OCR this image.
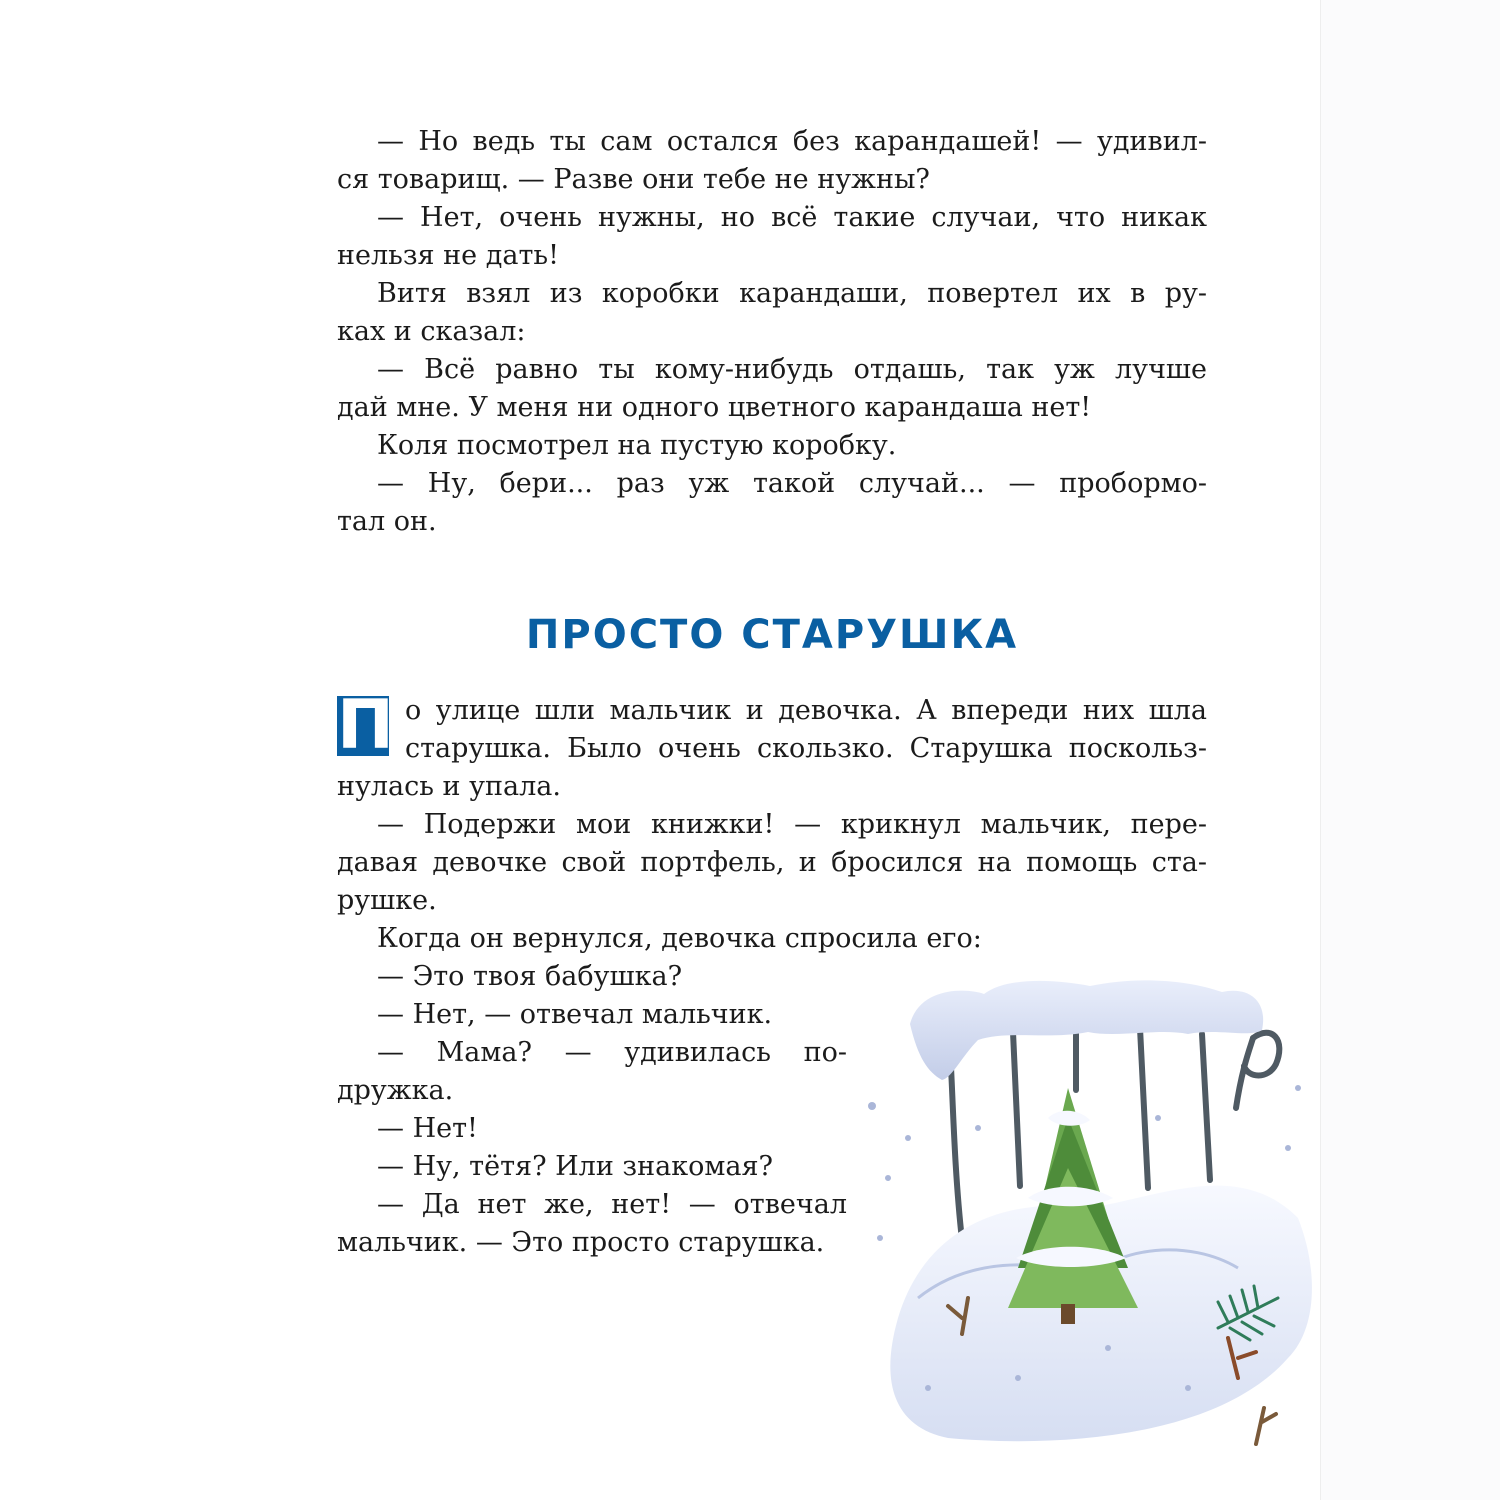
— Но ведь ты сам остался без карандашей! — удивил-

ся товарищ. — Разве они тебе не нужны?

— Нет, очень нужны, но всё такие случаи, что никак

нельзя не дать!

Витя взял из коробки карандаши, повертел их в ру-

ках и сказал:

— Всё равно ты кому-нибудь отдашь, так уж лучше

дай мне. У меня ни одного цветного карандаша нет!

Коля посмотрел на пустую коробку.

— Ну, бери... раз уж такой случай... — пробормо-

тал он.

ПРОСТО СТАРУШКА
П о улице шли мальчик и девочка. А впереди них шла

старушка. Было очень скользко. Старушка поскольз-

нулась и упала.

— Подержи мои книжки! — крикнул мальчик, пере-

давая девочке свой портфель, и бросился на помощь ста-

рушке.

Когда он вернулся, девочка спросила его:

— Это твоя бабушка?

— Нет, — отвечал мальчик.

— Мама? — удивилась по-

дружка.

— Нет!

— Ну, тётя? Или знакомая?

— Да нет же, нет! — отвечал

мальчик. — Это просто старушка.
